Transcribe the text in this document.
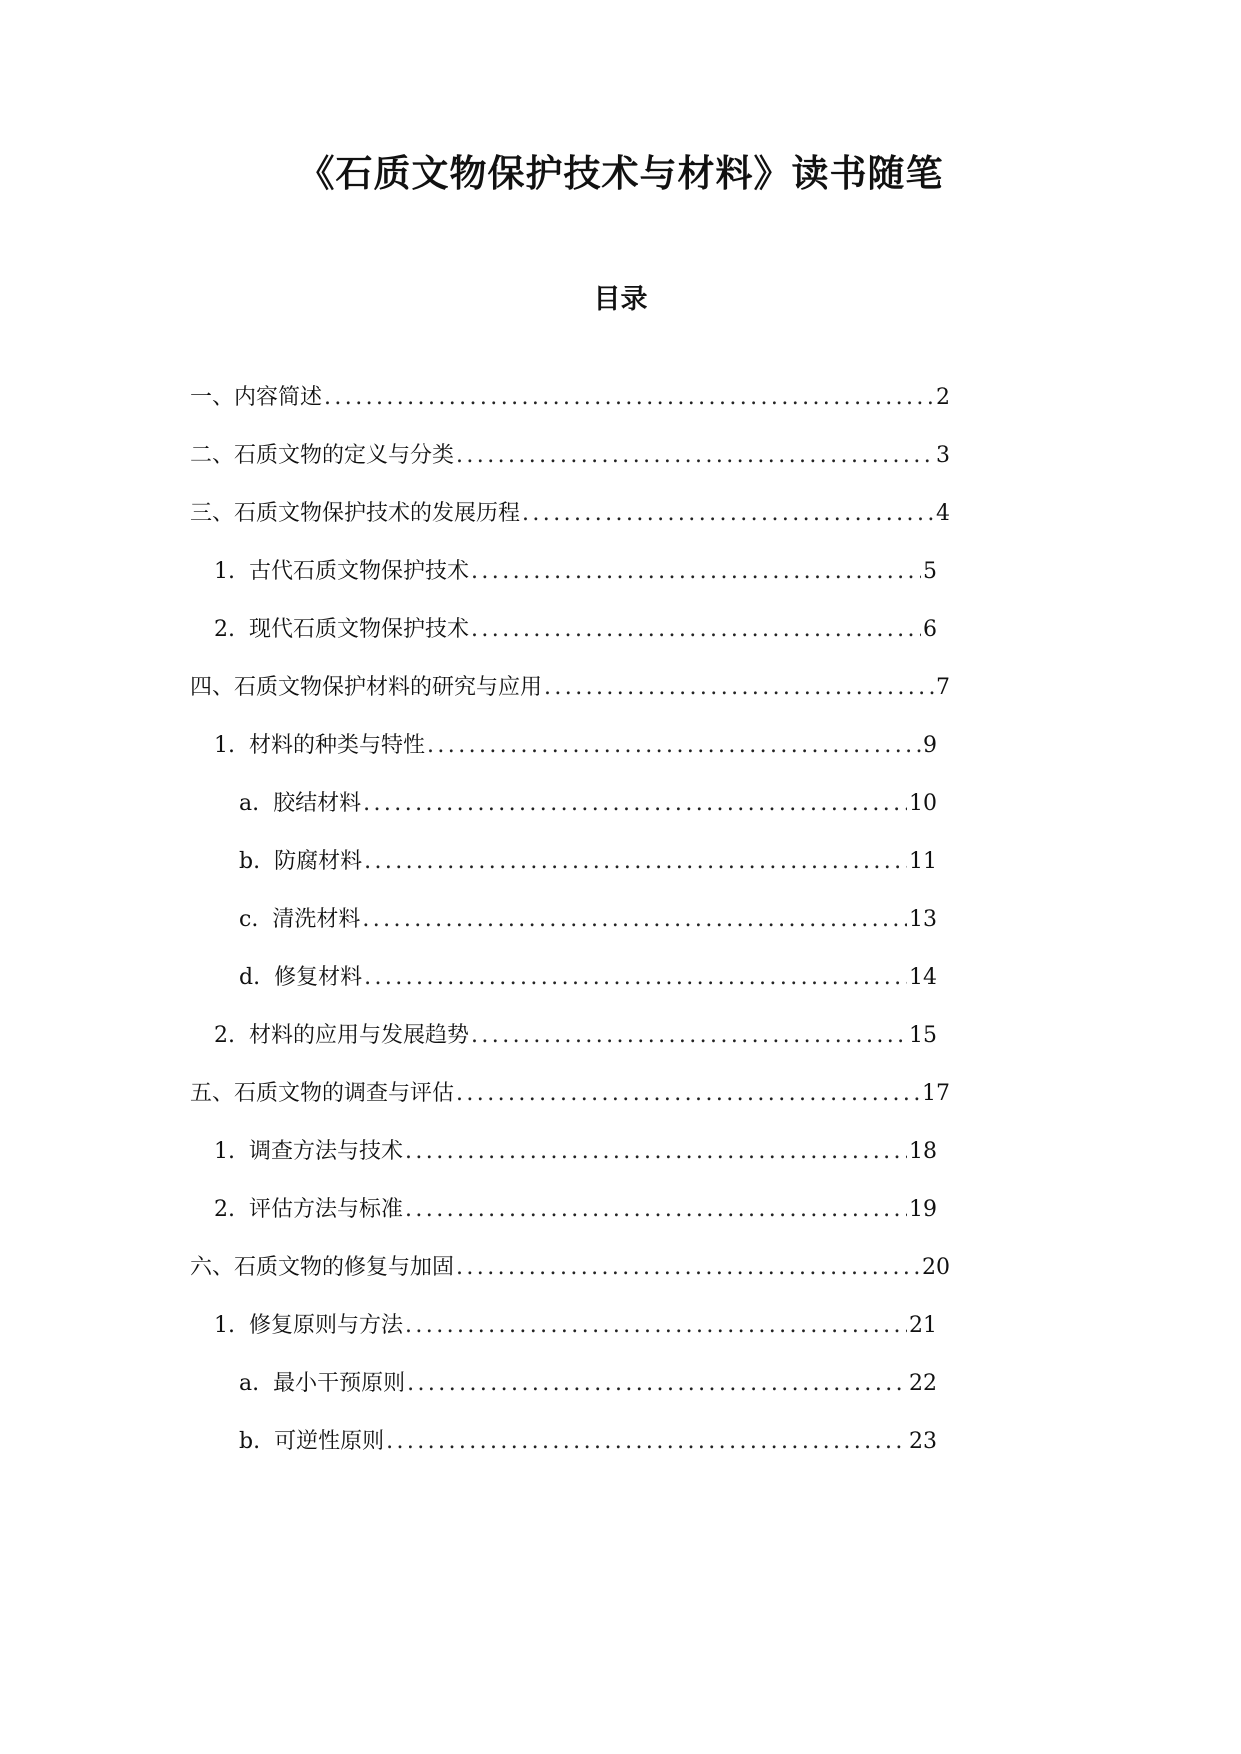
《石质文物保护技术与材料》读书随笔
目录
一、内容简述 .....	2
二、石质文物的定义与分类 .....	3
三、石质文物保护技术的发展历程 .....	4
1. 古代石质文物保护技术 .....	5
2. 现代石质文物保护技术 .....	6
四、石质文物保护材料的研究与应用 .....	7
1. 材料的种类与特性 .....	9
a. 胶结材料 .....	10
b. 防腐材料 .....	11
c. 清洗材料 .....	13
d. 修复材料 .....	14
2. 材料的应用与发展趋势 .....	15
五、石质文物的调查与评估 .....	17
1. 调查方法与技术 .....	18
2. 评估方法与标准 .....	19
六、石质文物的修复与加固 .....	20
1. 修复原则与方法 .....	21
a. 最小干预原则 .....	22
b. 可逆性原则 .....	23
